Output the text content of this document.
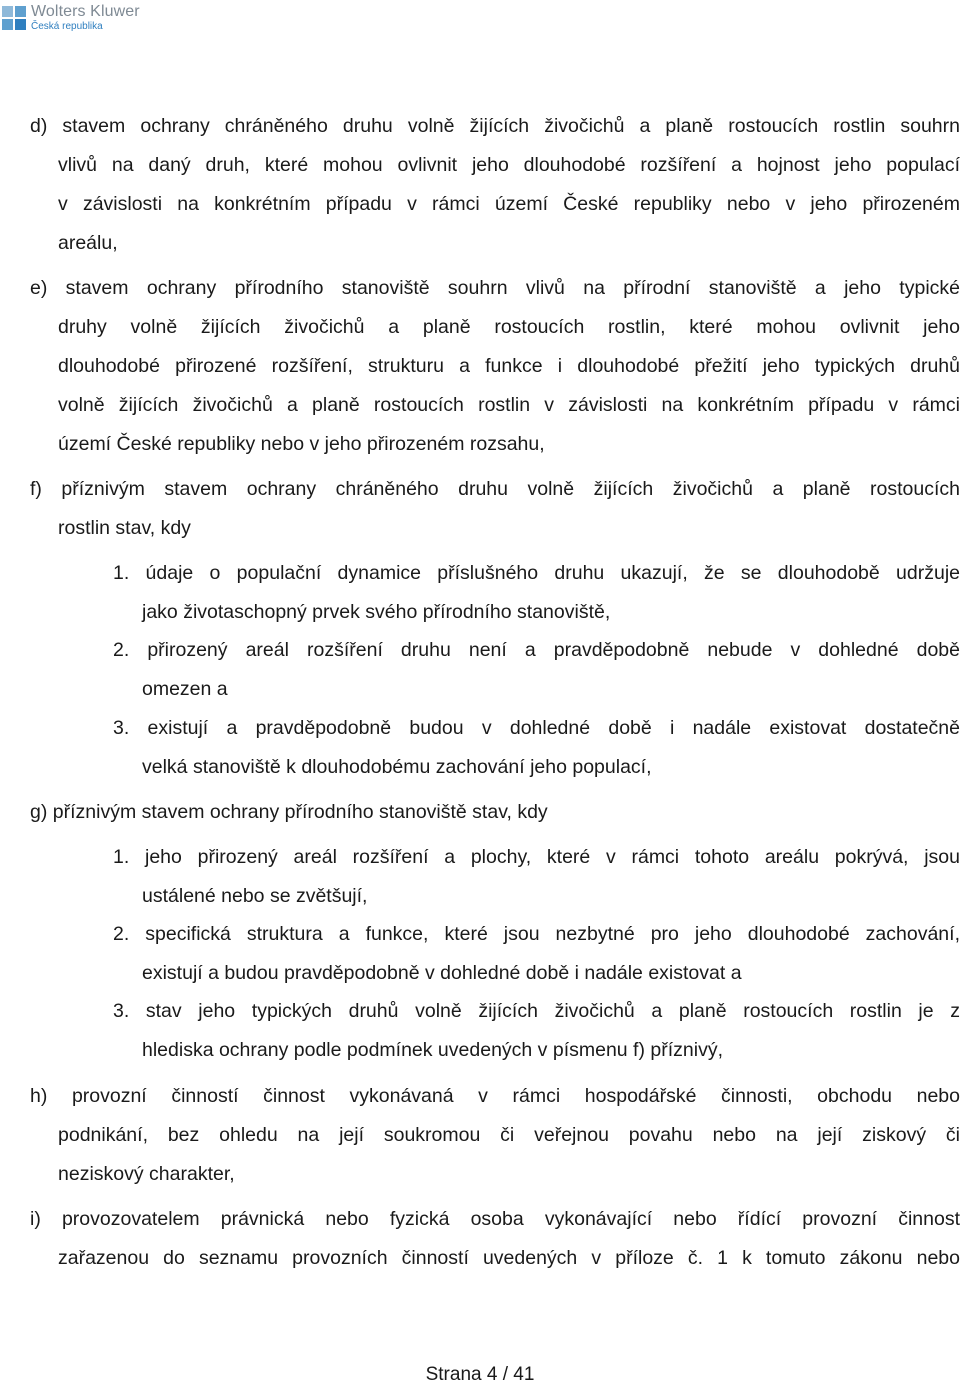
Wolters Kluwer
Česká republika
d) stavem ochrany chráněného druhu volně žijících živočichů a planě rostoucích rostlin souhrn
vlivů na daný druh, které mohou ovlivnit jeho dlouhodobé rozšíření a hojnost jeho populací
v závislosti na konkrétním případu v rámci území České republiky nebo v jeho přirozeném
areálu,
e) stavem ochrany přírodního stanoviště souhrn vlivů na přírodní stanoviště a jeho typické
druhy volně žijících živočichů a planě rostoucích rostlin, které mohou ovlivnit jeho
dlouhodobé přirozené rozšíření, strukturu a funkce i dlouhodobé přežití jeho typických druhů
volně žijících živočichů a planě rostoucích rostlin v závislosti na konkrétním případu v rámci
území České republiky nebo v jeho přirozeném rozsahu,
f) příznivým stavem ochrany chráněného druhu volně žijících živočichů a planě rostoucích
rostlin stav, kdy
1. údaje o populační dynamice příslušného druhu ukazují, že se dlouhodobě udržuje
jako životaschopný prvek svého přírodního stanoviště,
2. přirozený areál rozšíření druhu není a pravděpodobně nebude v dohledné době
omezen a
3. existují a pravděpodobně budou v dohledné době i nadále existovat dostatečně
velká stanoviště k dlouhodobému zachování jeho populací,
g) příznivým stavem ochrany přírodního stanoviště stav, kdy
1. jeho přirozený areál rozšíření a plochy, které v rámci tohoto areálu pokrývá, jsou
ustálené nebo se zvětšují,
2. specifická struktura a funkce, které jsou nezbytné pro jeho dlouhodobé zachování,
existují a budou pravděpodobně v dohledné době i nadále existovat a
3. stav jeho typických druhů volně žijících živočichů a planě rostoucích rostlin je z
hlediska ochrany podle podmínek uvedených v písmenu f) příznivý,
h) provozní činností činnost vykonávaná v rámci hospodářské činnosti, obchodu nebo
podnikání, bez ohledu na její soukromou či veřejnou povahu nebo na její ziskový či
neziskový charakter,
i) provozovatelem právnická nebo fyzická osoba vykonávající nebo řídící provozní činnost
zařazenou do seznamu provozních činností uvedených v příloze č. 1 k tomuto zákonu nebo
Strana 4 / 41
